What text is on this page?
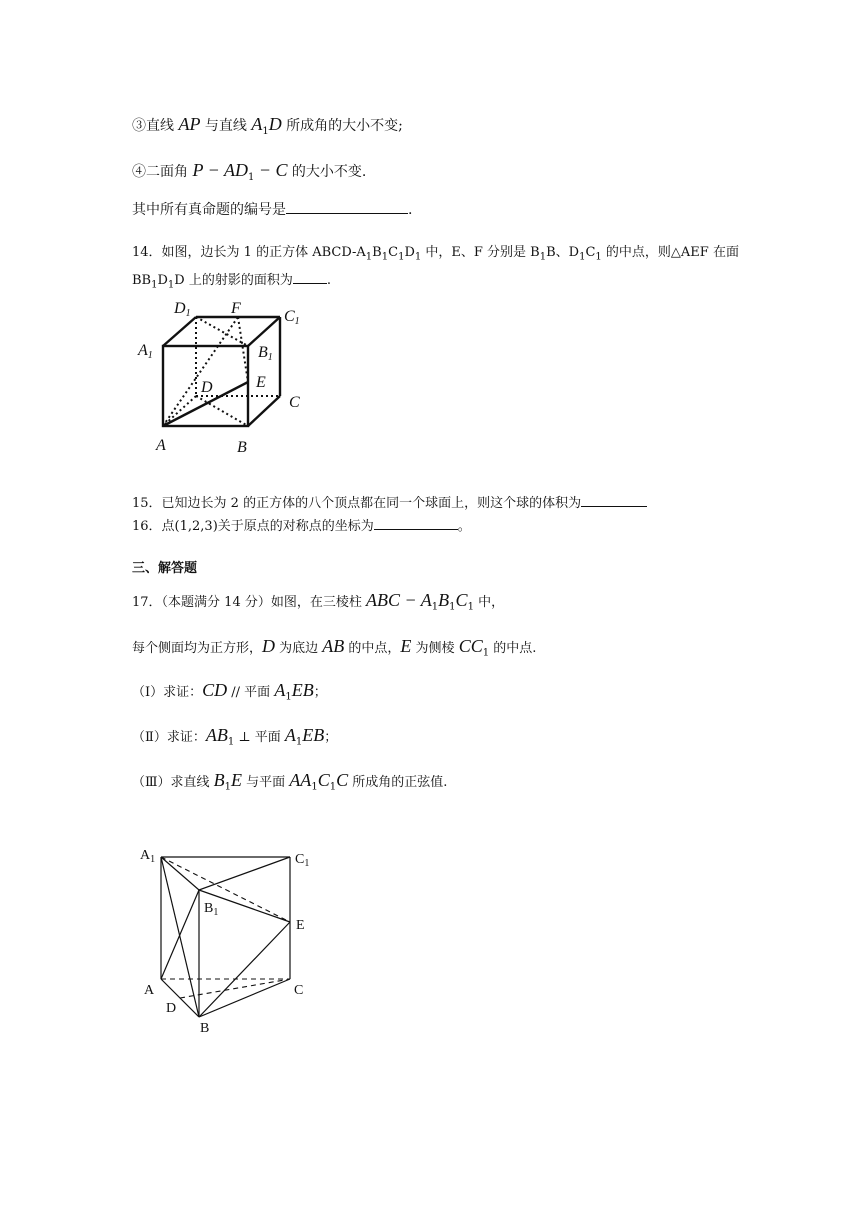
③直线 AP 与直线 $A_1D$ 所成角的大小不变;
④二面角 $P - AD_1 - C$ 的大小不变.
其中所有真命题的编号是	.
14．如图，边长为 1 的正方体 ABCD-$A_1B_1C_1D_1$ 中，E、F 分别是 $B_1B$、$D_1C_1$ 的中点，则△AEF 在面
$BB_1D_1D$ 上的射影的面积为	.
D1	F	C1
A1	B1
D	E
C
A	B
15．已知边长为 2 的正方体的八个顶点都在同一个球面上，则这个球的体积为
16．点(1,2,3)关于原点的对称点的坐标为	。
三、解答题
17．（本题满分 14 分）如图，在三棱柱 ABC − $A_1B_1C_1$ 中，
每个侧面均为正方形，D 为底边 AB 的中点，E 为侧棱 $CC_1$ 的中点.
（Ⅰ）求证：CD // 平面 $A_1EB$；
（Ⅱ）求证：$AB_1$ ⊥ 平面 $A_1EB$；
（Ⅲ）求直线 $B_1E$ 与平面 $AA_1C_1C$ 所成角的正弦值.
$A_1$	$C_1$
$B_1$
E
A	C
D
B
